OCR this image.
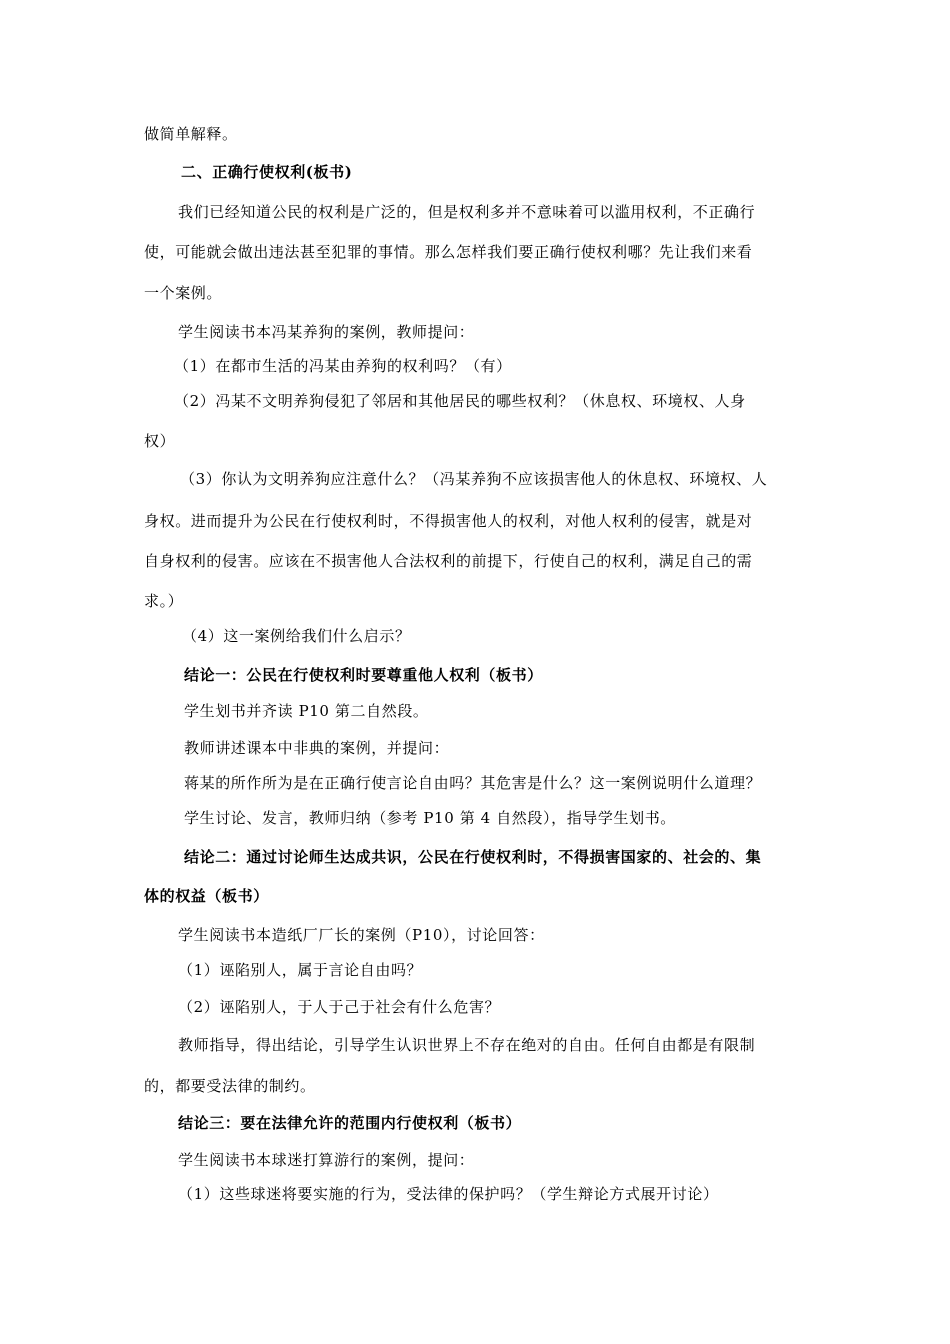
做简单解释。
二、正确行使权利(板书)
我们已经知道公民的权利是广泛的，但是权利多并不意味着可以滥用权利，不正确行
使，可能就会做出违法甚至犯罪的事情。那么怎样我们要正确行使权利哪？先让我们来看
一个案例。
学生阅读书本冯某养狗的案例，教师提问：
（1）在都市生活的冯某由养狗的权利吗？（有）
（2）冯某不文明养狗侵犯了邻居和其他居民的哪些权利？（休息权、环境权、人身
权）
（3）你认为文明养狗应注意什么？（冯某养狗不应该损害他人的休息权、环境权、人
身权。进而提升为公民在行使权利时，不得损害他人的权利，对他人权利的侵害，就是对
自身权利的侵害。应该在不损害他人合法权利的前提下，行使自己的权利，满足自己的需
求。）
（4）这一案例给我们什么启示？
结论一：公民在行使权利时要尊重他人权利（板书）
学生划书并齐读 P10 第二自然段。
教师讲述课本中非典的案例，并提问：
蒋某的所作所为是在正确行使言论自由吗？其危害是什么？这一案例说明什么道理？
学生讨论、发言，教师归纳（参考 P10 第 4 自然段），指导学生划书。
结论二：通过讨论师生达成共识，公民在行使权利时，不得损害国家的、社会的、集
体的权益（板书）
学生阅读书本造纸厂厂长的案例（P10），讨论回答：
（1）诬陷别人，属于言论自由吗？
（2）诬陷别人，于人于己于社会有什么危害？
教师指导，得出结论，引导学生认识世界上不存在绝对的自由。任何自由都是有限制
的，都要受法律的制约。
结论三：要在法律允许的范围内行使权利（板书）
学生阅读书本球迷打算游行的案例，提问：
（1）这些球迷将要实施的行为，受法律的保护吗？（学生辩论方式展开讨论）
